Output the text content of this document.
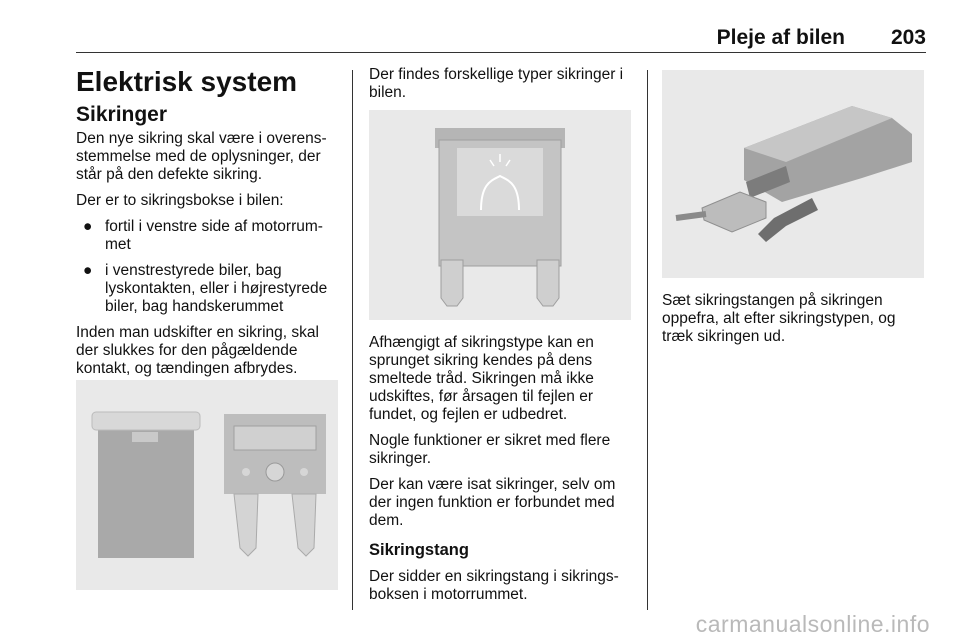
Pleje af bilen 203
Elektrisk system
Sikringer

Den nye sikring skal være i overens-stemmelse med de oplysninger, der står på den defekte sikring.

Der er to sikringsbokse i bilen:

● fortil i venstre side af motorrum-met
● i venstrestyrede biler, bag lyskontakten, eller i højrestyrede biler, bag handskerummet

Inden man udskifter en sikring, skal der slukkes for den pågældende kontakt, og tændingen afbrydes.

Der findes forskellige typer sikringer i bilen.

Afhængigt af sikringstype kan en sprunget sikring kendes på dens smeltede tråd. Sikringen må ikke udskiftes, før årsagen til fejlen er fundet, og fejlen er udbedret.

Nogle funktioner er sikret med flere sikringer.

Der kan være isat sikringer, selv om der ingen funktion er forbundet med dem.

Sikringstang

Der sidder en sikringstang i sikrings-boksen i motorrummet.

Sæt sikringstangen på sikringen oppefra, alt efter sikringstypen, og træk sikringen ud.

carmanualsonline.info
